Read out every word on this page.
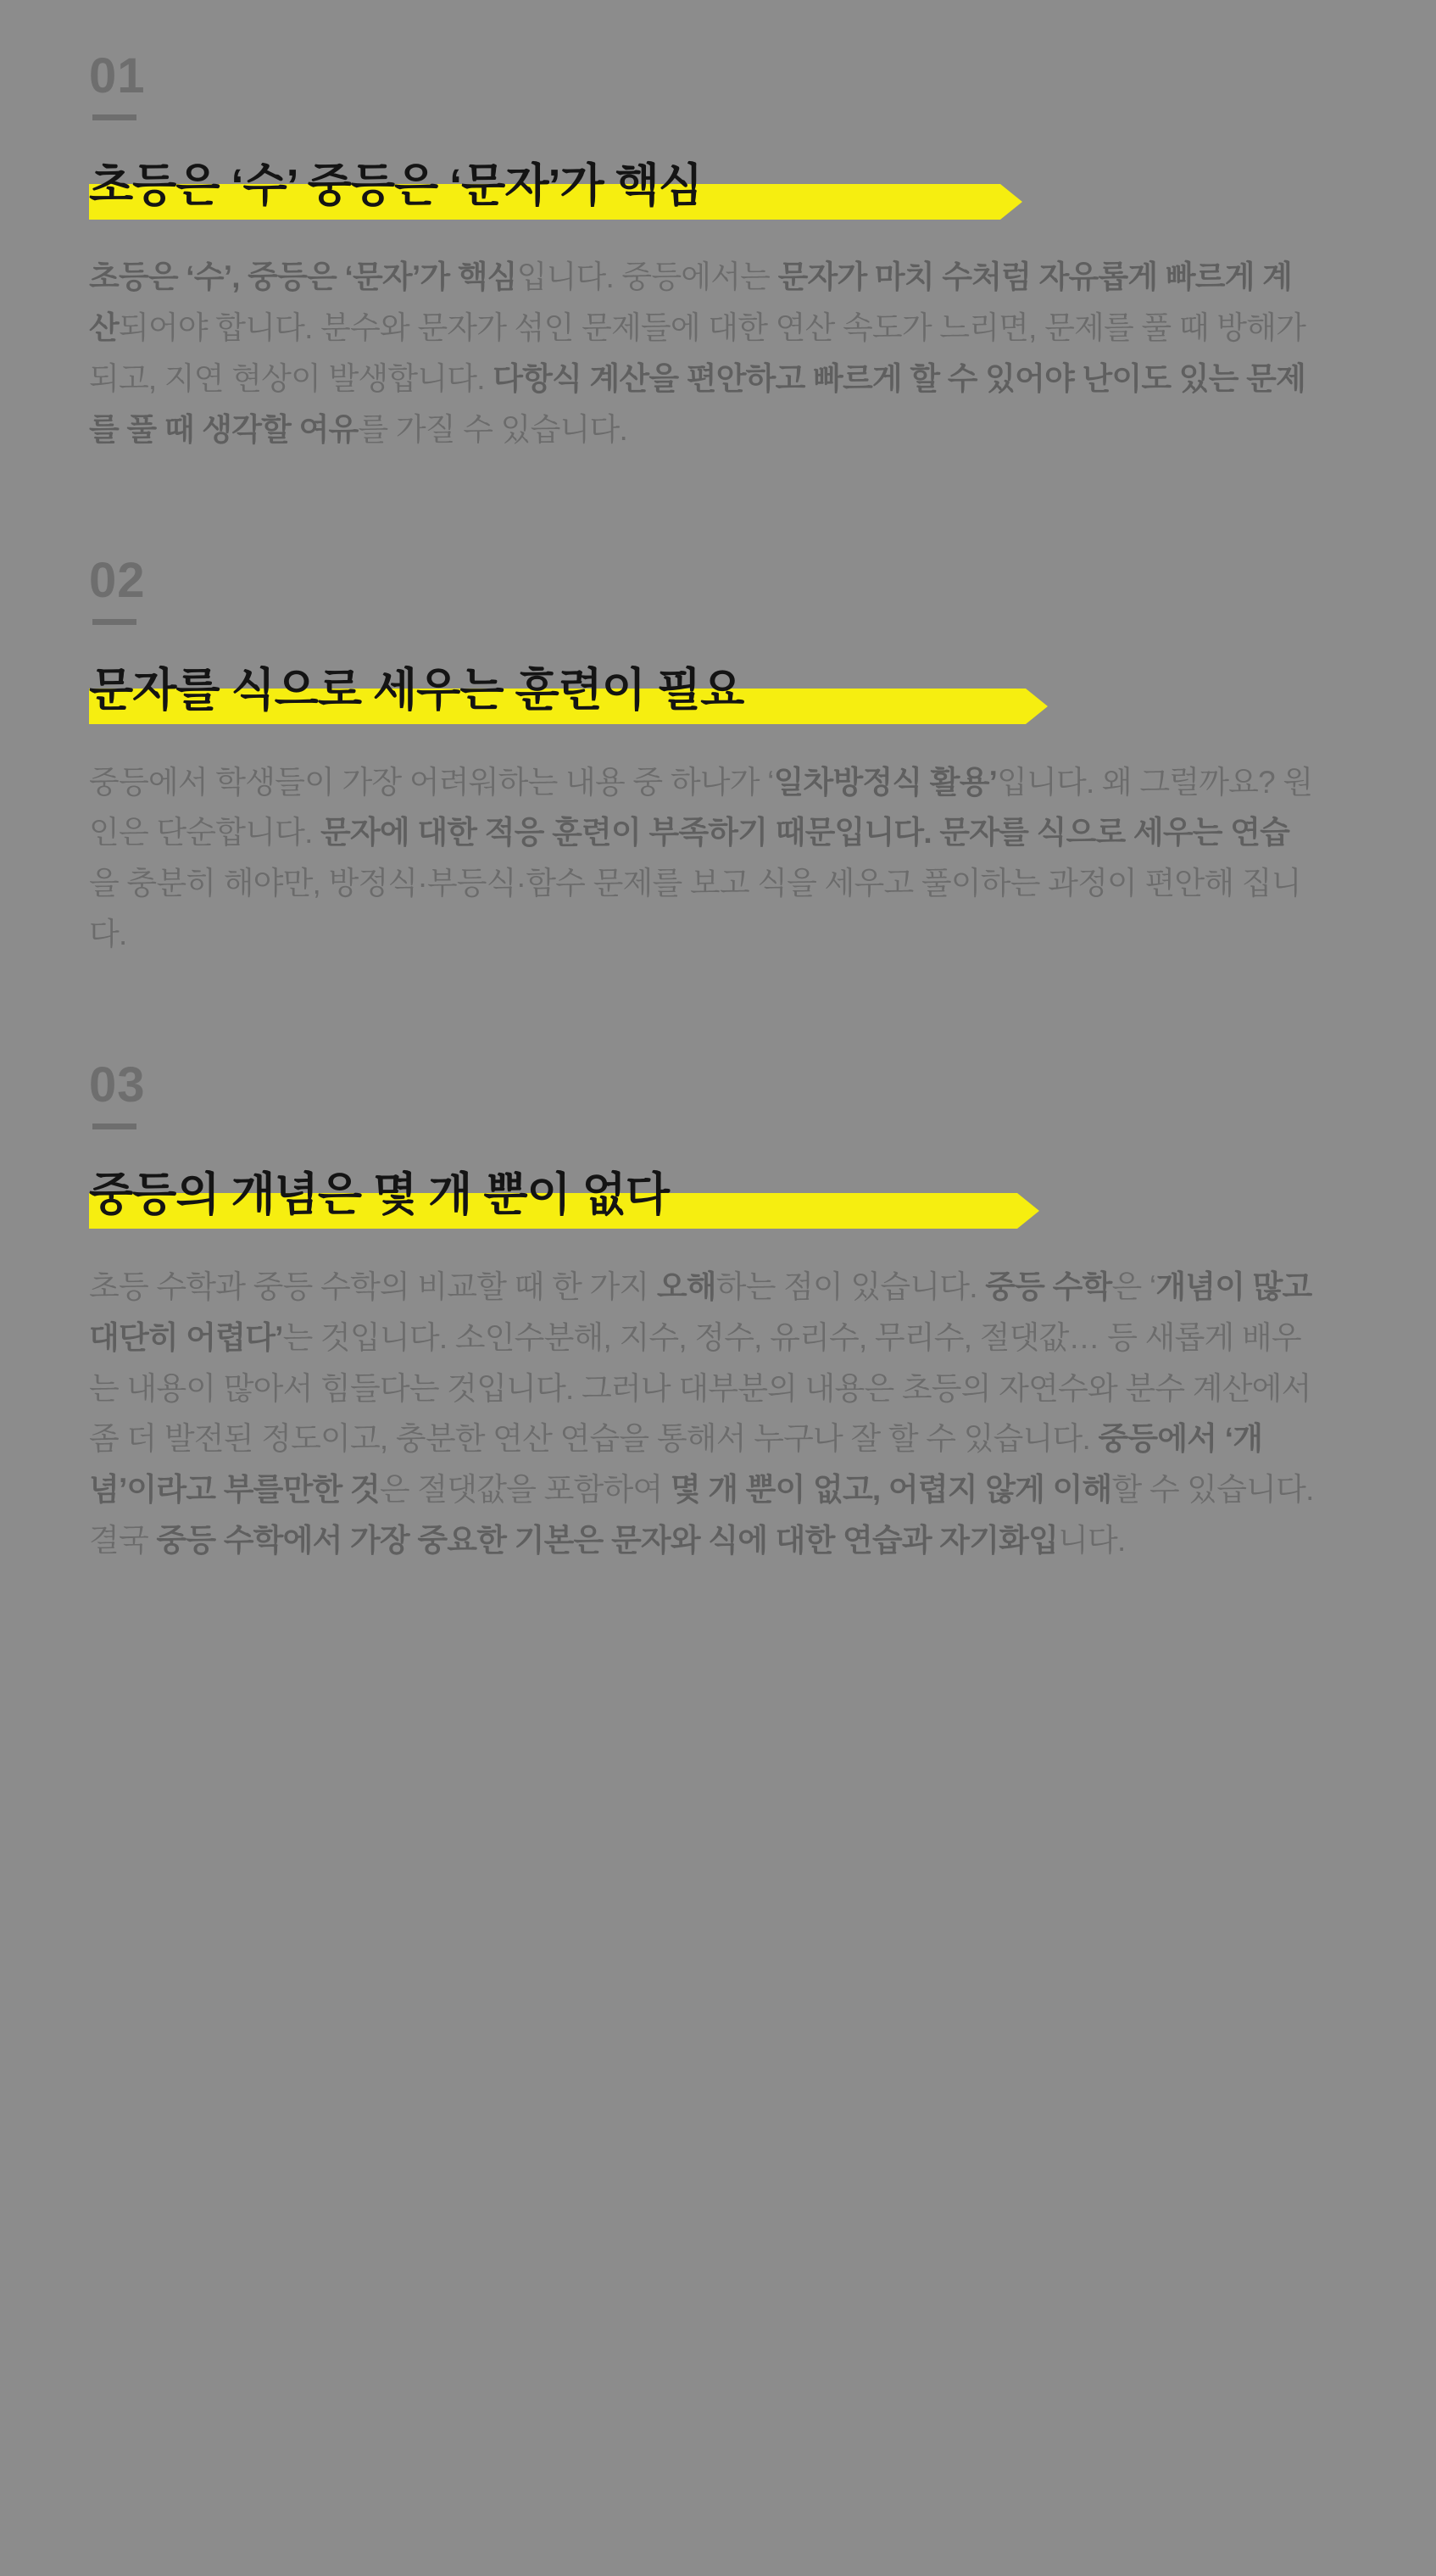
01
초등은 ‘수’ 중등은 ‘문자’가 핵심

초등은 ‘수’, 중등은 ‘문자’가 핵심입니다. 중등에서는 문자가 마치 수처럼 자유롭게 빠르게 계산되어야 합니다. 분수와 문자가 섞인 문제들에 대한 연산 속도가 느리면, 문제를 풀 때 방해가 되고, 지연 현상이 발생합니다. 다항식 계산을 편안하고 빠르게 할 수 있어야 난이도 있는 문제를 풀 때 생각할 여유를 가질 수 있습니다.

02
문자를 식으로 세우는 훈련이 필요

중등에서 학생들이 가장 어려워하는 내용 중 하나가 ‘일차방정식 활용’입니다. 왜 그럴까요? 원인은 단순합니다. 문자에 대한 적응 훈련이 부족하기 때문입니다. 문자를 식으로 세우는 연습을 충분히 해야만, 방정식·부등식·함수 문제를 보고 식을 세우고 풀이하는 과정이 편안해 집니다.

03
중등의 개념은 몇 개 뿐이 없다

초등 수학과 중등 수학의 비교할 때 한 가지 오해하는 점이 있습니다. 중등 수학은 ‘개념이 많고 대단히 어렵다’는 것입니다. 소인수분해, 지수, 정수, 유리수, 무리수, 절댓값… 등 새롭게 배우는 내용이 많아서 힘들다는 것입니다. 그러나 대부분의 내용은 초등의 자연수와 분수 계산에서 좀 더 발전된 정도이고, 충분한 연산 연습을 통해서 누구나 잘 할 수 있습니다. 중등에서 ‘개념’이라고 부를만한 것은 절댓값을 포함하여 몇 개 뿐이 없고, 어렵지 않게 이해할 수 있습니다. 결국 중등 수학에서 가장 중요한 기본은 문자와 식에 대한 연습과 자기화입니다.
